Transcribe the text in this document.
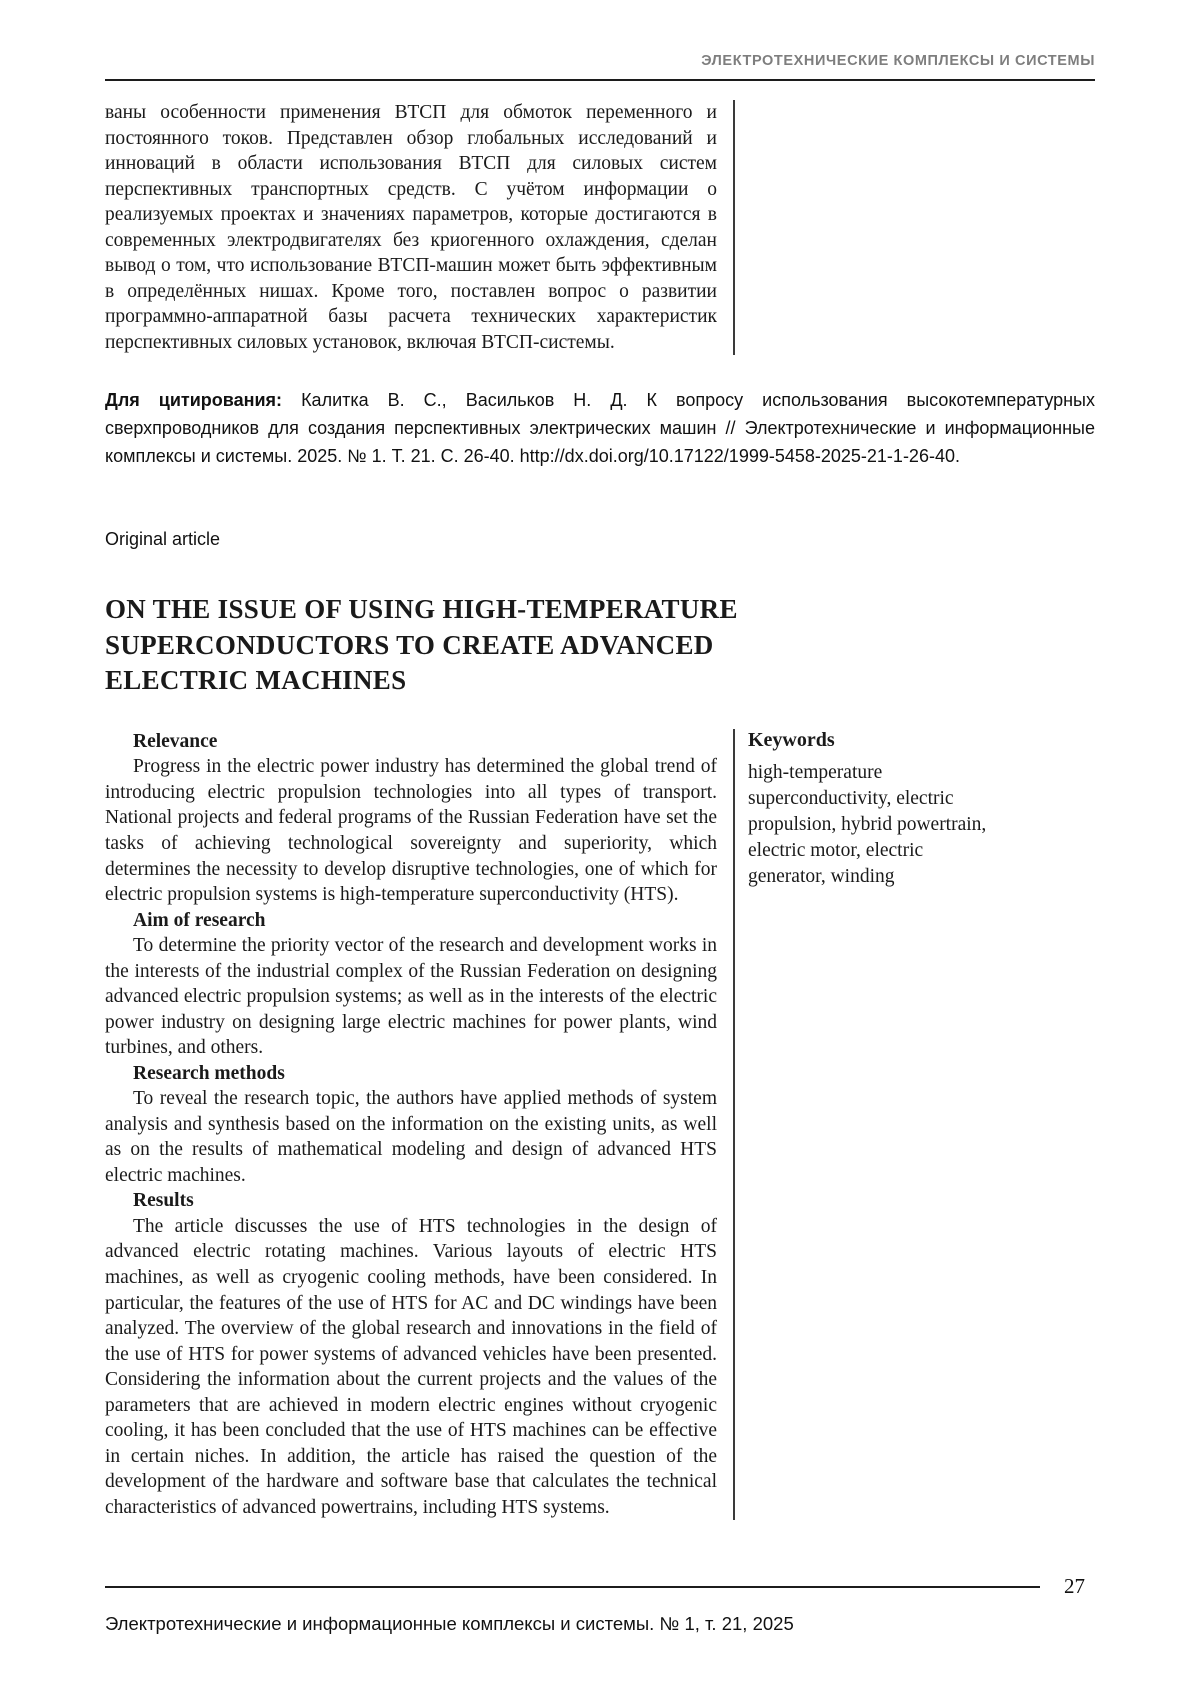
ЭЛЕКТРОТЕХНИЧЕСКИЕ КОМПЛЕКСЫ И СИСТЕМЫ

ваны особенности применения ВТСП для обмоток переменного и постоянного токов. Представлен обзор глобальных исследований и инноваций в области использования ВТСП для силовых систем перспективных транспортных средств. С учётом информации о реализуемых проектах и значениях параметров, которые достигаются в современных электродвигателях без криогенного охлаждения, сделан вывод о том, что использование ВТСП-машин может быть эффективным в определённых нишах. Кроме того, поставлен вопрос о развитии программно-аппаратной базы расчета технических характеристик перспективных силовых установок, включая ВТСП-системы.

Для цитирования: Калитка В. С., Васильков Н. Д. К вопросу использования высокотемпературных сверхпроводников для создания перспективных электрических машин // Электротехнические и информационные комплексы и системы. 2025. № 1. Т. 21. С. 26-40. http://dx.doi.org/10.17122/1999-5458-2025-21-1-26-40.

Original article

ON THE ISSUE OF USING HIGH-TEMPERATURE SUPERCONDUCTORS TO CREATE ADVANCED ELECTRIC MACHINES

Relevance

Progress in the electric power industry has determined the global trend of introducing electric propulsion technologies into all types of transport. National projects and federal programs of the Russian Federation have set the tasks of achieving technological sovereignty and superiority, which determines the necessity to develop disruptive technologies, one of which for electric propulsion systems is high-temperature superconductivity (HTS).

Aim of research

To determine the priority vector of the research and development works in the interests of the industrial complex of the Russian Federation on designing advanced electric propulsion systems; as well as in the interests of the electric power industry on designing large electric machines for power plants, wind turbines, and others.

Research methods

To reveal the research topic, the authors have applied methods of system analysis and synthesis based on the information on the existing units, as well as on the results of mathematical modeling and design of advanced HTS electric machines.

Results

The article discusses the use of HTS technologies in the design of advanced electric rotating machines. Various layouts of electric HTS machines, as well as cryogenic cooling methods, have been considered. In particular, the features of the use of HTS for AC and DC windings have been analyzed. The overview of the global research and innovations in the field of the use of HTS for power systems of advanced vehicles have been presented. Considering the information about the current projects and the values of the parameters that are achieved in modern electric engines without cryogenic cooling, it has been concluded that the use of HTS machines can be effective in certain niches. In addition, the article has raised the question of the development of the hardware and software base that calculates the technical characteristics of advanced powertrains, including HTS systems.

Keywords

high-temperature superconductivity, electric propulsion, hybrid powertrain, electric motor, electric generator, winding

27

Электротехнические и информационные комплексы и системы. № 1, т. 21, 2025
